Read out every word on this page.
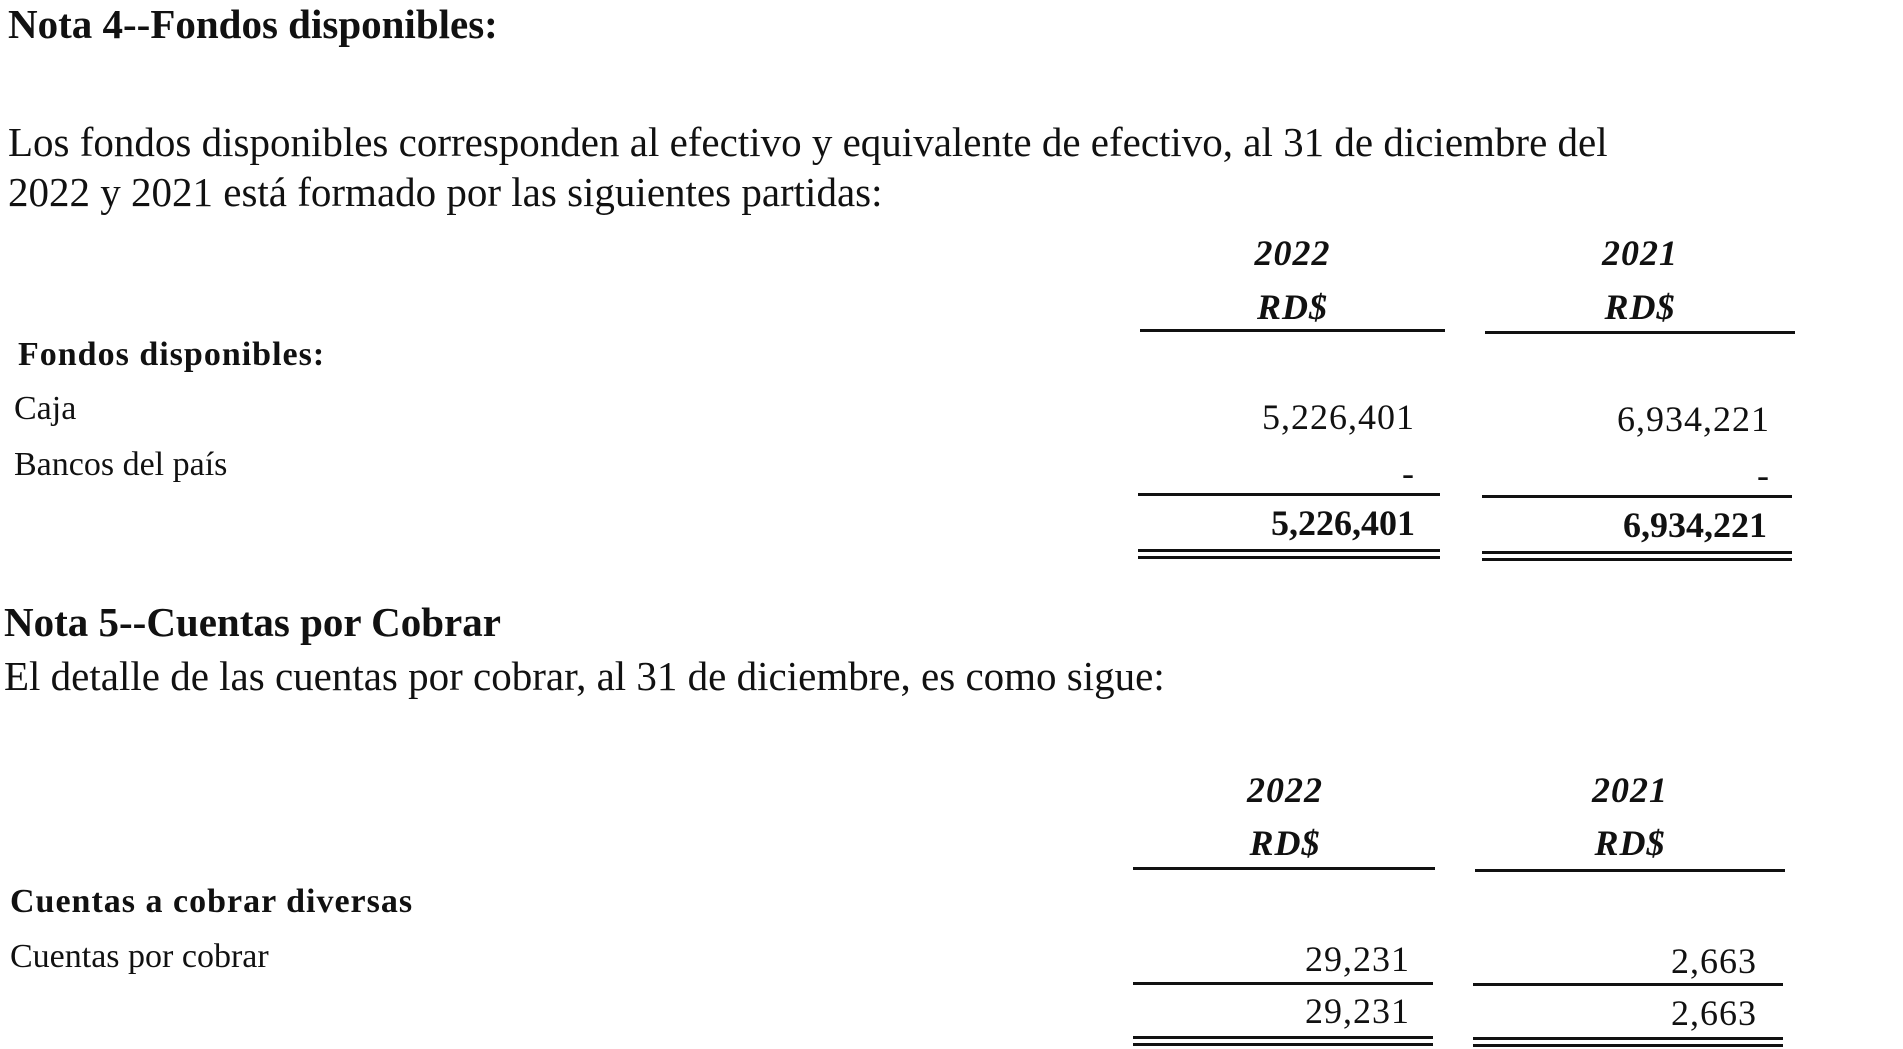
Nota 4--Fondos disponibles:
Los fondos disponibles corresponden al efectivo y equivalente de efectivo, al 31 de diciembre del
2022 y 2021 está formado por las siguientes partidas:
2022	2021
RD$	RD$
Fondos disponibles:
Caja	5,226,401	6,934,221
Bancos del país	-	-
5,226,401	6,934,221
Nota 5--Cuentas por Cobrar
El detalle de las cuentas por cobrar, al 31 de diciembre, es como sigue:
2022	2021
RD$	RD$
Cuentas a cobrar diversas
Cuentas por cobrar	29,231	2,663
29,231	2,663
